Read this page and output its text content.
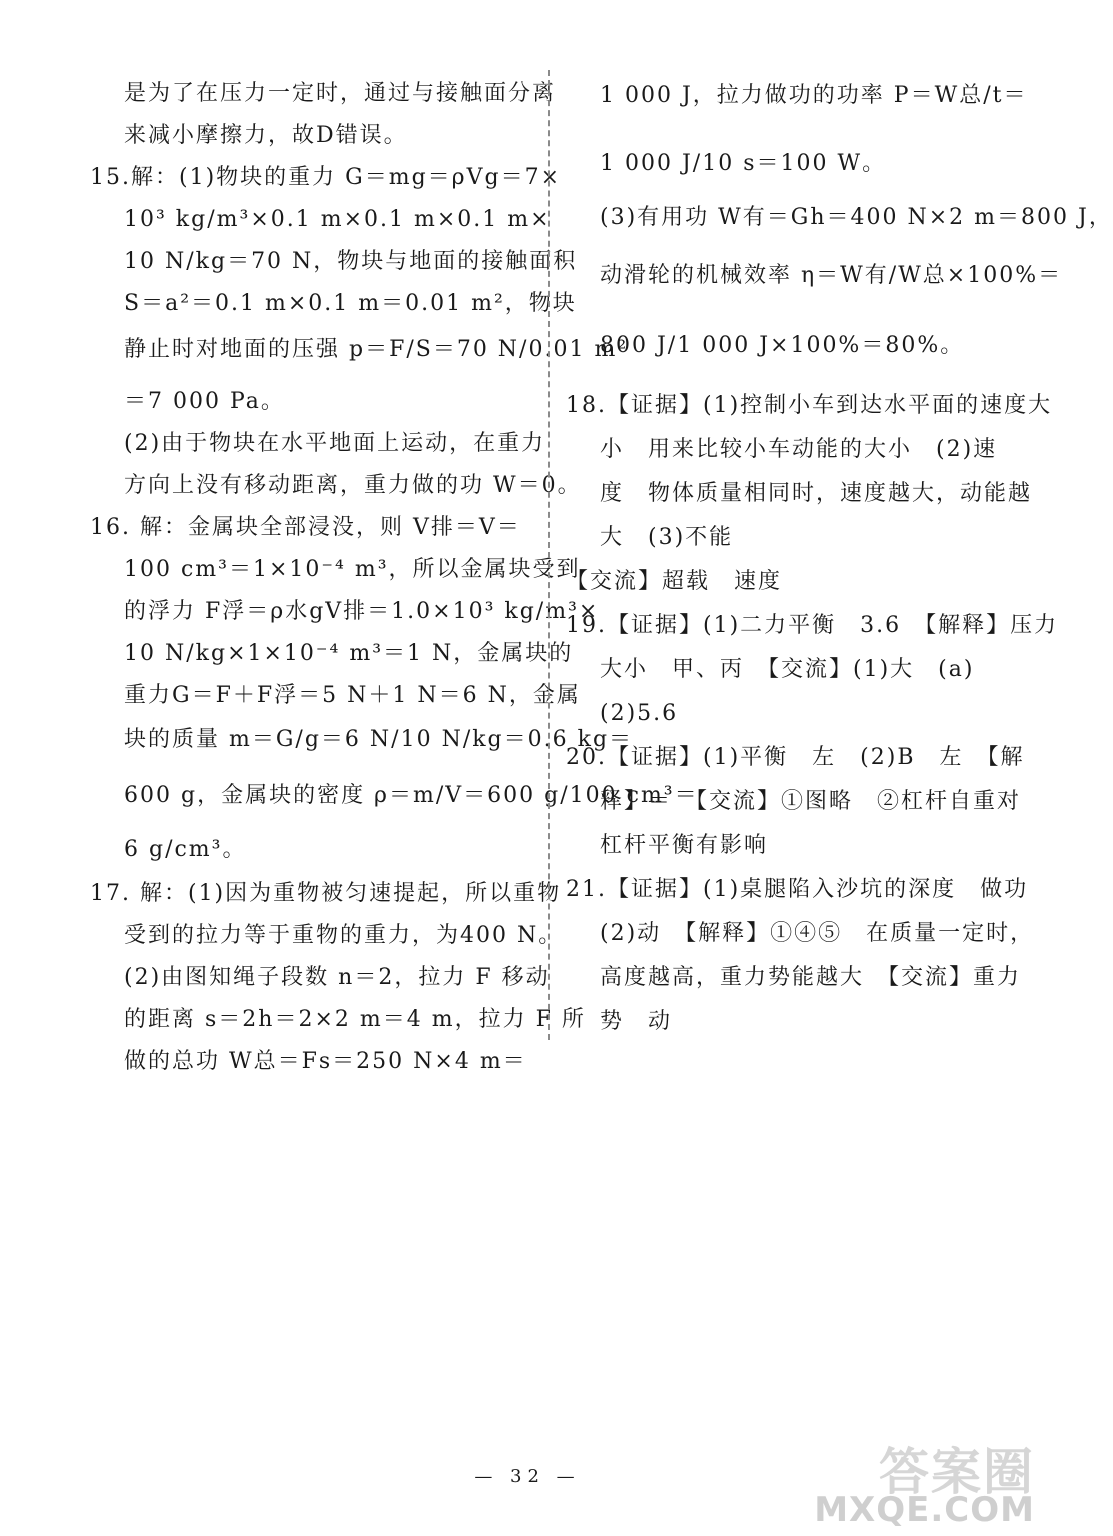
是为了在压力一定时，通过与接触面分离
来减小摩擦力，故D错误。
15.解：(1)物块的重力 G＝mg＝ρVg＝7×
10³ kg/m³×0.1 m×0.1 m×0.1 m×
10 N/kg＝70 N，物块与地面的接触面积
S＝a²＝0.1 m×0.1 m＝0.01 m²，物块
静止时对地面的压强 p＝F/S＝70 N/0.01 m²
＝7 000 Pa。
(2)由于物块在水平地面上运动，在重力
方向上没有移动距离，重力做的功 W＝0。
16. 解：金属块全部浸没，则 V排＝V＝
100 cm³＝1×10⁻⁴ m³，所以金属块受到
的浮力 F浮＝ρ水gV排＝1.0×10³ kg/m³×
10 N/kg×1×10⁻⁴ m³＝1 N，金属块的
重力G＝F＋F浮＝5 N＋1 N＝6 N，金属
块的质量 m＝G/g＝6 N/10 N/kg＝0.6 kg＝
600 g，金属块的密度 ρ＝m/V＝600 g/100 cm³＝
6 g/cm³。
17. 解：(1)因为重物被匀速提起，所以重物
受到的拉力等于重物的重力，为400 N。
(2)由图知绳子段数 n＝2，拉力 F 移动
的距离 s＝2h＝2×2 m＝4 m，拉力 F 所
做的总功 W总＝Fs＝250 N×4 m＝
1 000 J，拉力做功的功率 P＝W总/t＝
1 000 J/10 s＝100 W。
(3)有用功 W有＝Gh＝400 N×2 m＝800 J，
动滑轮的机械效率 η＝W有/W总×100%＝
800 J/1 000 J×100%＝80%。
18.【证据】(1)控制小车到达水平面的速度大
小　用来比较小车动能的大小　(2)速
度　物体质量相同时，速度越大，动能越
大　(3)不能
【交流】超载　速度
19.【证据】(1)二力平衡　3.6　【解释】压力
大小　甲、丙　【交流】(1)大　(a)
(2)5.6
20.【证据】(1)平衡　左　(2)B　左　【解
释】＝　【交流】①图略　②杠杆自重对
杠杆平衡有影响
21.【证据】(1)桌腿陷入沙坑的深度　做功
(2)动　【解释】①④⑤　在质量一定时，
高度越高，重力势能越大　【交流】重力
势　动
— 32 —	答案圈
MXQE.COM
